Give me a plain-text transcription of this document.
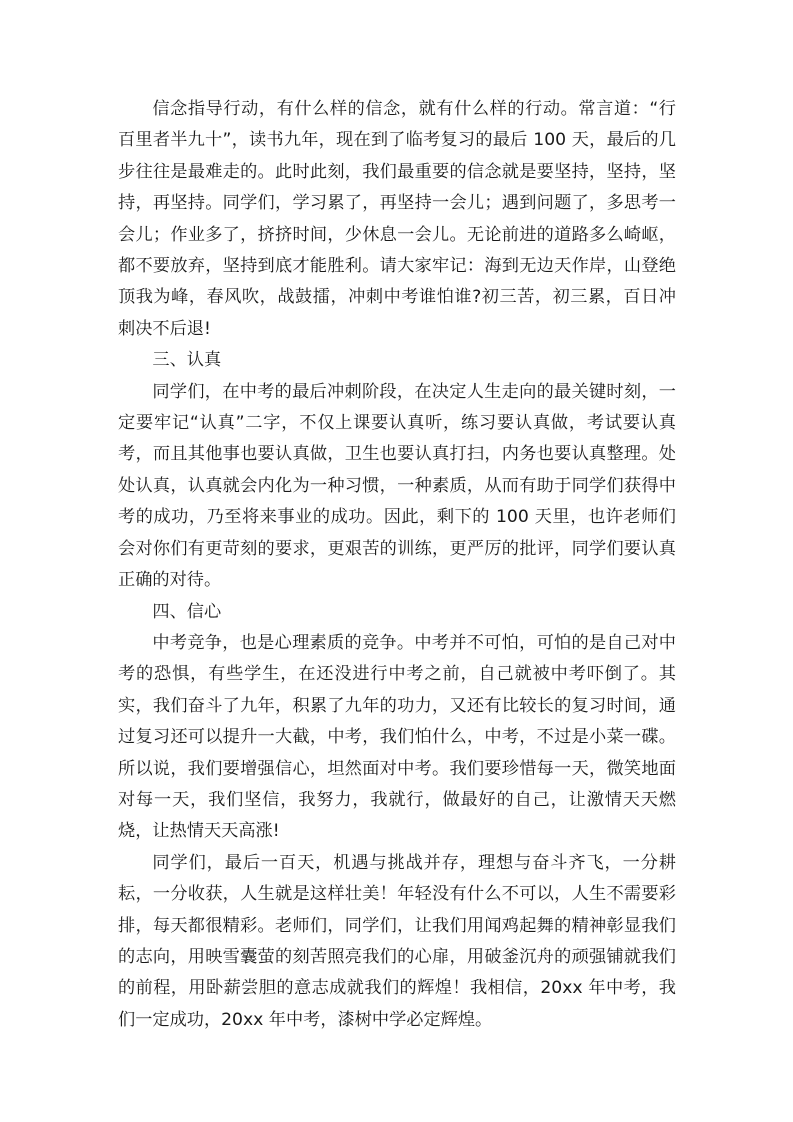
信念指导行动，有什么样的信念，就有什么样的行动。常言道：“行百里者半九十”，读书九年，现在到了临考复习的最后 100 天，最后的几步往往是最难走的。此时此刻，我们最重要的信念就是要坚持，坚持，坚持，再坚持。同学们，学习累了，再坚持一会儿；遇到问题了，多思考一会儿；作业多了，挤挤时间，少休息一会儿。无论前进的道路多么崎岖，都不要放弃，坚持到底才能胜利。请大家牢记：海到无边天作岸，山登绝顶我为峰，春风吹，战鼓擂，冲刺中考谁怕谁?初三苦，初三累，百日冲刺决不后退!

三、认真

同学们，在中考的最后冲刺阶段，在决定人生走向的最关键时刻，一定要牢记“认真”二字，不仅上课要认真听，练习要认真做，考试要认真考，而且其他事也要认真做，卫生也要认真打扫，内务也要认真整理。处处认真，认真就会内化为一种习惯，一种素质，从而有助于同学们获得中考的成功，乃至将来事业的成功。因此，剩下的 100 天里，也许老师们会对你们有更苛刻的要求，更艰苦的训练，更严厉的批评，同学们要认真正确的对待。

四、信心

中考竞争，也是心理素质的竞争。中考并不可怕，可怕的是自己对中考的恐惧，有些学生，在还没进行中考之前，自己就被中考吓倒了。其实，我们奋斗了九年，积累了九年的功力，又还有比较长的复习时间，通过复习还可以提升一大截，中考，我们怕什么，中考，不过是小菜一碟。所以说，我们要增强信心，坦然面对中考。我们要珍惜每一天，微笑地面对每一天，我们坚信，我努力，我就行，做最好的自己，让激情天天燃烧，让热情天天高涨!

同学们，最后一百天，机遇与挑战并存，理想与奋斗齐飞，一分耕耘，一分收获，人生就是这样壮美！年轻没有什么不可以，人生不需要彩排，每天都很精彩。老师们，同学们，让我们用闻鸡起舞的精神彰显我们的志向，用映雪囊萤的刻苦照亮我们的心扉，用破釜沉舟的顽强铺就我们的前程，用卧薪尝胆的意志成就我们的辉煌！我相信，20xx 年中考，我们一定成功，20xx 年中考，漆树中学必定辉煌。
